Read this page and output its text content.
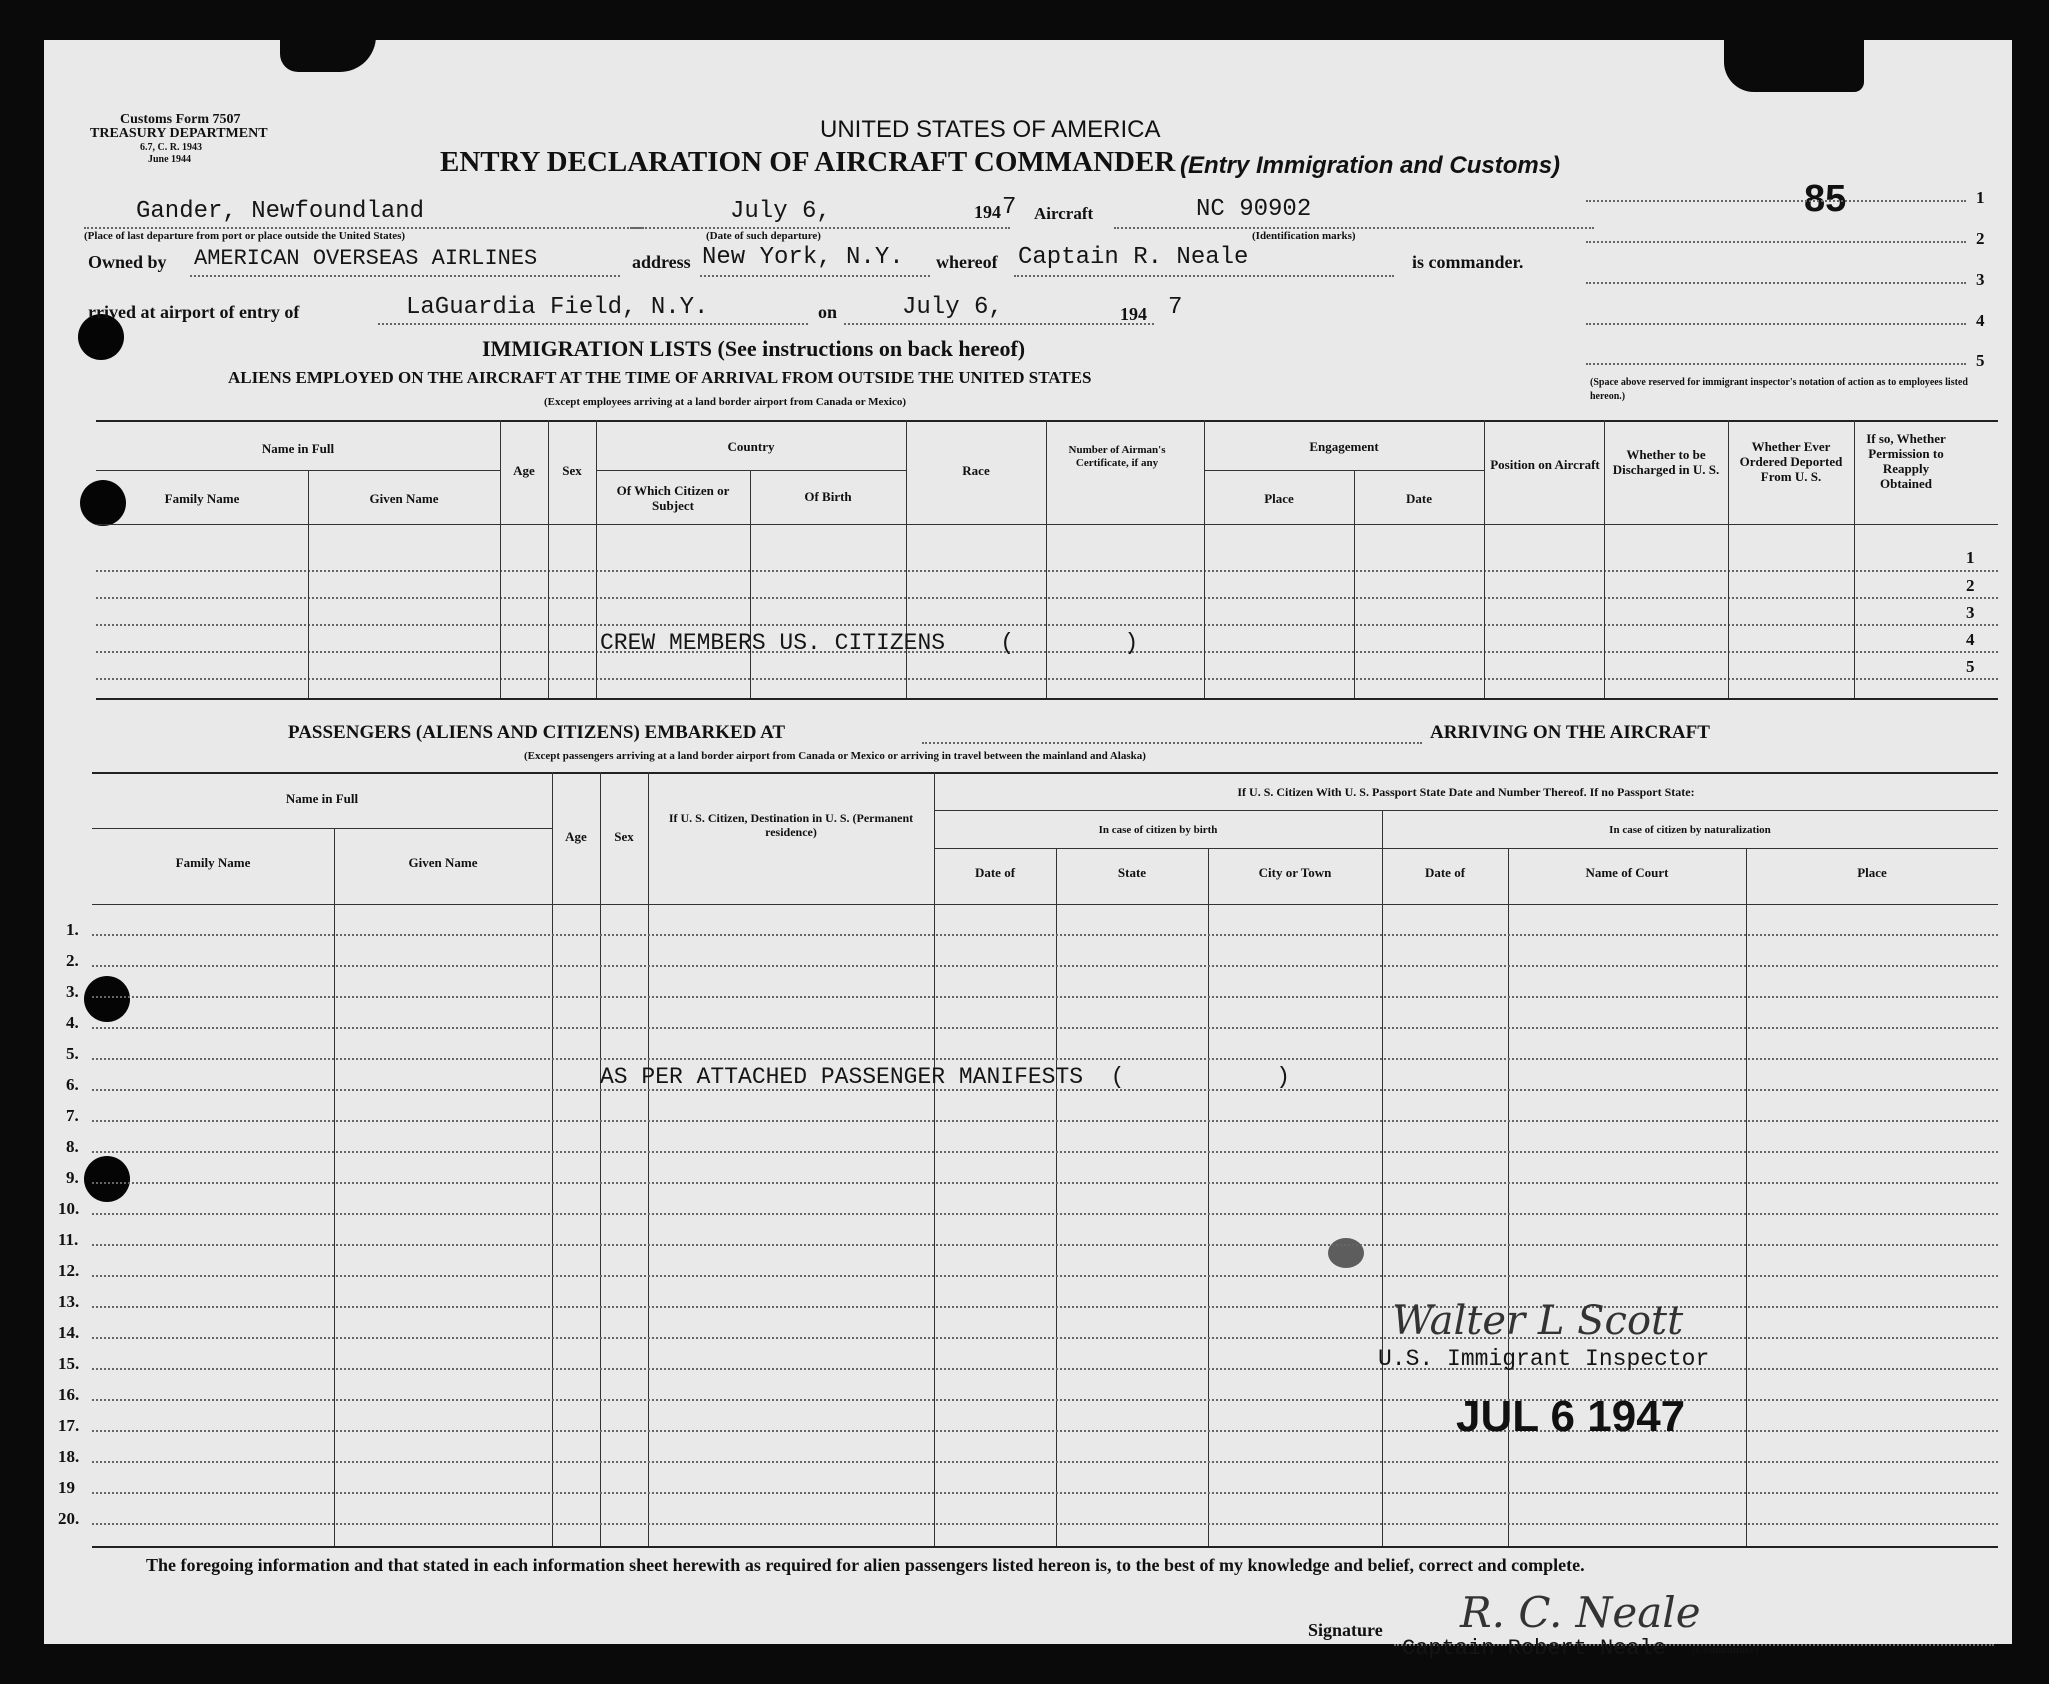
Customs Form 7507
TREASURY DEPARTMENT
6.7, C. R. 1943
June 1944
UNITED STATES OF AMERICA
ENTRY DECLARATION OF AIRCRAFT COMMANDER (Entry Immigration and Customs)
Gander, Newfoundland
(Place of last departure from port or place outside the United States)
July 6,
(Date of such departure)
194 7 Aircraft	NC 90902
(Identification marks)
Owned by AMERICAN OVERSEAS AIRLINES	address New York, N.Y. whereof Captain R. Neale	is commander.
rrived at airport of entry of	LaGuardia Field, N.Y.	on	July 6,	194 7
85	1
2
3
4
5
(Space above reserved for immigrant inspector's notation of action as to employees listed hereon.)
IMMIGRATION LISTS (See instructions on back hereof)
ALIENS EMPLOYED ON THE AIRCRAFT AT THE TIME OF ARRIVAL FROM OUTSIDE THE UNITED STATES
(Except employees arriving at a land border airport from Canada or Mexico)
Name in Full
Family Name	Given Name
Age	Sex
Country
Of Which Citizen or Subject
Of Birth
Race
Number of Airman's Certificate, if any
Engagement
Place	Date
Position on Aircraft
Whether to be Discharged in U. S.
Whether Ever Ordered Deported From U. S.
If so, Whether Permission to Reapply Obtained
1
2
3
4
5
CREW MEMBERS US. CITIZENS    (        )
PASSENGERS (ALIENS AND CITIZENS) EMBARKED AT	ARRIVING ON THE AIRCRAFT
(Except passengers arriving at a land border airport from Canada or Mexico or arriving in travel between the mainland and Alaska)
Name in Full
Family Name	Given Name
Age	Sex
If U. S. Citizen, Destination in U. S. (Permanent residence)
If U. S. Citizen With U. S. Passport State Date and Number Thereof. If no Passport State:
In case of citizen by birth	In case of citizen by naturalization
Date of	State	City or Town	Date of	Name of Court	Place
1.
2.
3.
4.
5.
6.
7.
8.
9.
10.
11.
12.
13.
14.
15.
16.
17.
18.
19
20.
AS PER ATTACHED PASSENGER MANIFESTS  (           )
Walter L Scott
U.S. Immigrant Inspector
JUL 6 1947
The foregoing information and that stated in each information sheet herewith as required for alien passengers listed hereon is, to the best of my knowledge and belief, correct and complete.
Signature R. C. Neale
Captain Robert Neale (Commander)
